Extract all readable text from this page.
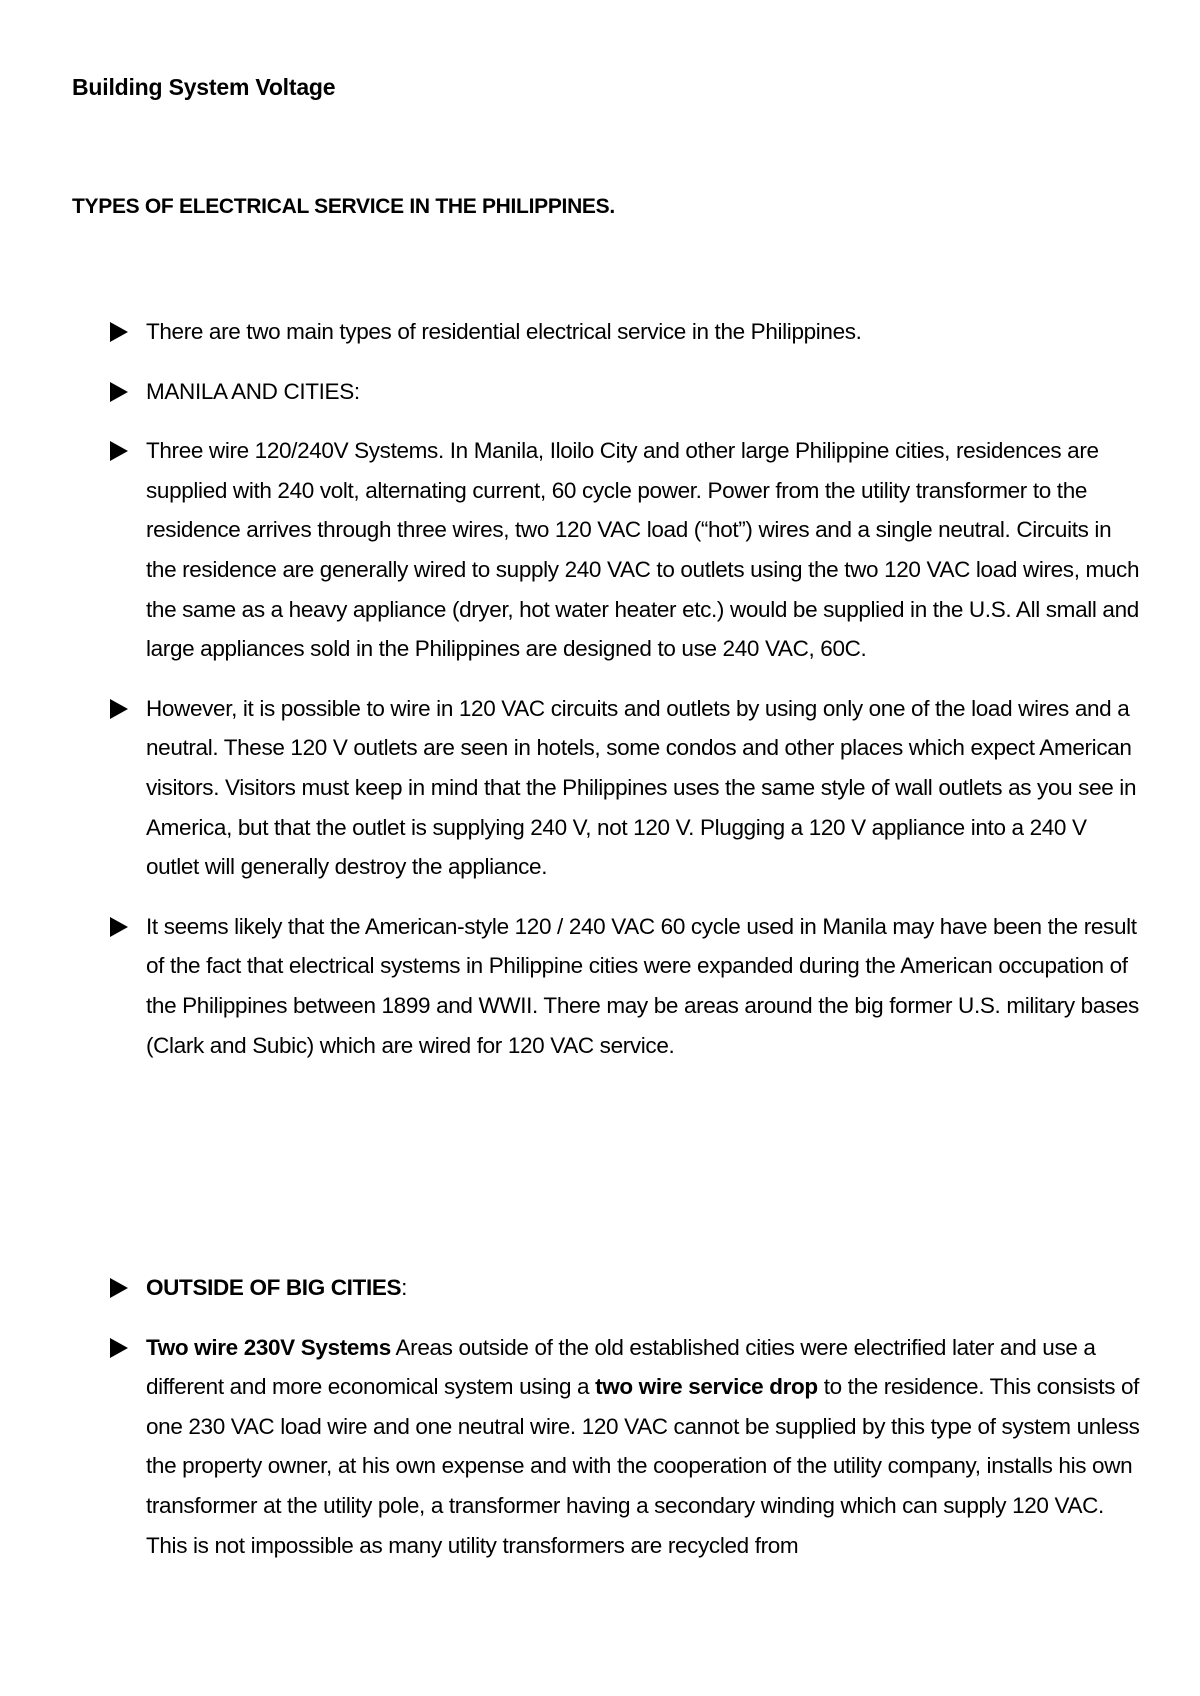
Building System Voltage
TYPES OF ELECTRICAL SERVICE IN THE PHILIPPINES.
There are two main types of residential electrical service in the Philippines.
MANILA AND CITIES:
Three wire 120/240V Systems. In Manila, Iloilo City and other large Philippine cities, residences are supplied with 240 volt, alternating current, 60 cycle power. Power from the utility transformer to the residence arrives through three wires, two 120 VAC load (“hot”) wires and a single neutral. Circuits in the residence are generally wired to supply 240 VAC to outlets using the two 120 VAC load wires, much the same as a heavy appliance (dryer, hot water heater etc.) would be supplied in the U.S. All small and large appliances sold in the Philippines are designed to use 240 VAC, 60C.
However, it is possible to wire in 120 VAC circuits and outlets by using only one of the load wires and a neutral. These 120 V outlets are seen in hotels, some condos and other places which expect American visitors. Visitors must keep in mind that the Philippines uses the same style of wall outlets as you see in America, but that the outlet is supplying 240 V, not 120 V. Plugging a 120 V appliance into a 240 V outlet will generally destroy the appliance.
It seems likely that the American-style 120 / 240 VAC 60 cycle used in Manila may have been the result of the fact that electrical systems in Philippine cities were expanded during the American occupation of the Philippines between 1899 and WWII. There may be areas around the big former U.S. military bases (Clark and Subic) which are wired for 120 VAC service.
OUTSIDE OF BIG CITIES:
Two wire 230V Systems Areas outside of the old established cities were electrified later and use a different and more economical system using a two wire service drop to the residence. This consists of one 230 VAC load wire and one neutral wire. 120 VAC cannot be supplied by this type of system unless the property owner, at his own expense and with the cooperation of the utility company, installs his own transformer at the utility pole, a transformer having a secondary winding which can supply 120 VAC. This is not impossible as many utility transformers are recycled from
